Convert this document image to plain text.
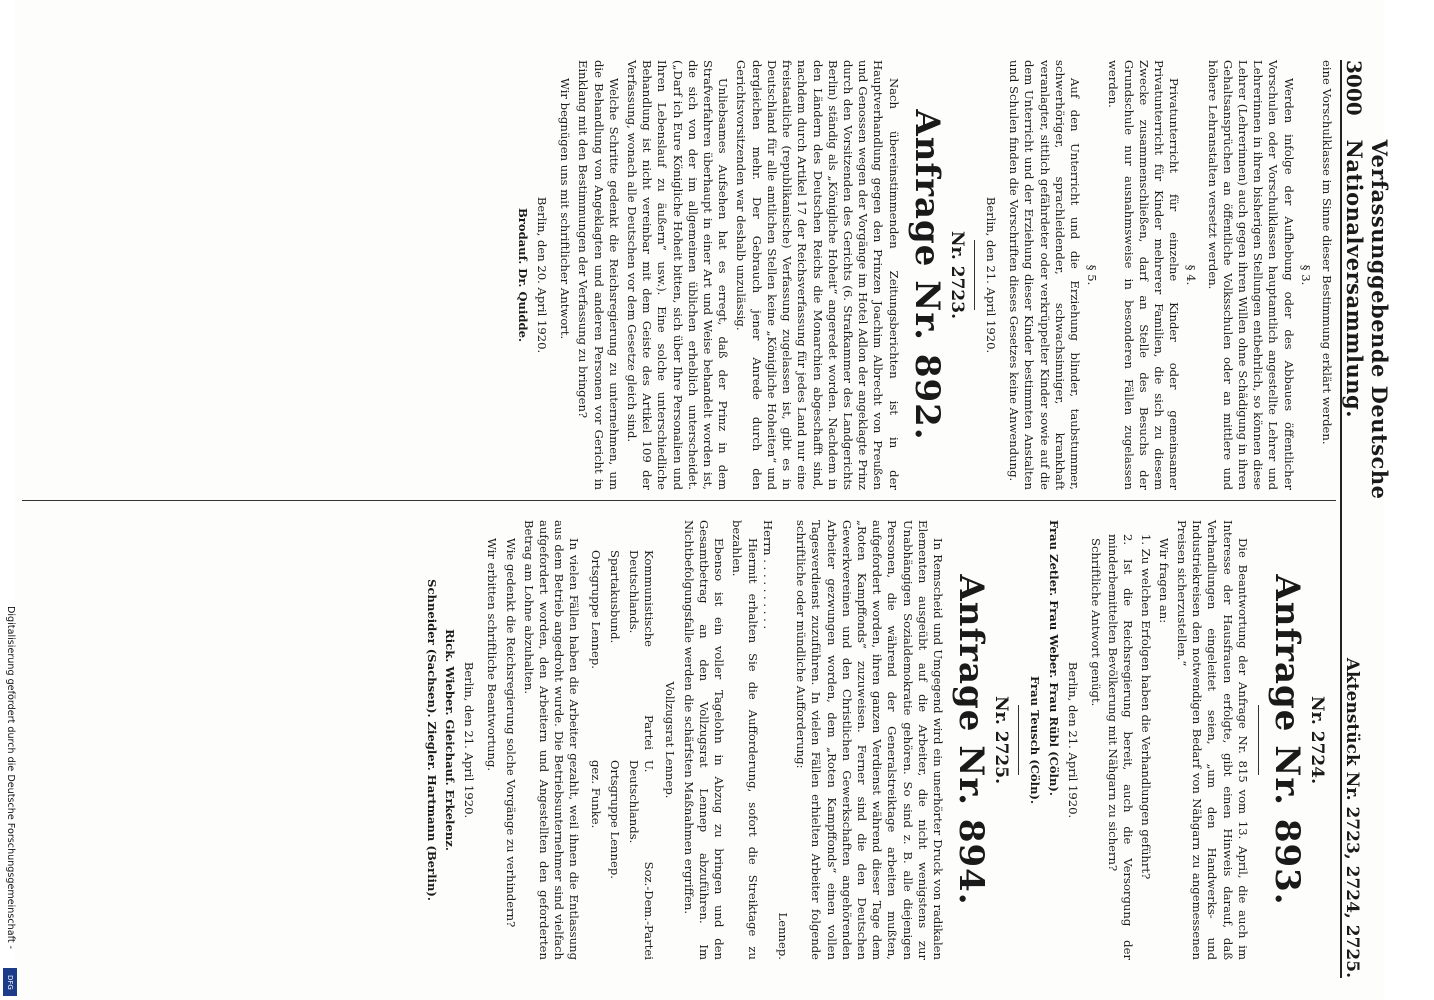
3000
Verfassunggebende Deutsche Nationalversammlung.
Aktenstück Nr. 2723, 2724, 2725.

eine Vorschulklasse im Sinne dieser Bestimmung erklärt werden.

§ 3.

Werden infolge der Aufhebung oder des Abbaues öffentlicher Vorschulen oder Vorschulklassen hauptamtlich angestellte Lehrer und Lehrerinnen in ihren bisherigen Stellungen entbehrlich, so können diese Lehrer (Lehrerinnen) auch gegen ihren Willen ohne Schädigung in ihren Gehaltsansprüchen an öffentliche Volksschulen oder an mittlere und höhere Lehranstalten versetzt werden.

§ 4.

Privatunterricht für einzelne Kinder oder gemeinsamer Privatunterricht für Kinder mehrerer Familien, die sich zu diesem Zwecke zusammenschließen, darf an Stelle des Besuchs der Grundschule nur ausnahmsweise in besonderen Fällen zugelassen werden.

§ 5.

Auf den Unterricht und die Erziehung blinder, taubstummer, schwerhöriger, sprachleidender, schwachsinniger, krankhaft veranlagter, sittlich gefährdeter oder verkrüppelter Kinder sowie auf die dem Unterricht und der Erziehung dieser Kinder bestimmten Anstalten und Schulen finden die Vorschriften dieses Gesetzes keine Anwendung.

Berlin, den 21. April 1920.
Nr. 2723.
Anfrage Nr. 892.

Nach übereinstimmenden Zeitungsberichten ist in der Hauptverhandlung gegen den Prinzen Joachim Albrecht von Preußen und Genossen wegen der Vorgänge im Hotel Adlon der angeklagte Prinz durch den Vorsitzenden des Gerichts (6. Strafkammer des Landgerichts Berlin) ständig als „Königliche Hoheit“ angeredet worden. Nachdem in den Ländern des Deutschen Reichs die Monarchien abgeschafft sind, nachdem durch Artikel 17 der Reichsverfassung für jedes Land nur eine freistaatliche (republikanische) Verfassung zugelassen ist, gibt es in Deutschland für alle amtlichen Stellen keine „Königliche Hoheiten“ und dergleichen mehr. Der Gebrauch jener Anrede durch den Gerichtsvorsitzenden war deshalb unzulässig.

Unliebsames Aufsehen hat es erregt, daß der Prinz in dem Strafverfahren überhaupt in einer Art und Weise behandelt worden ist, die sich von der im allgemeinen üblichen erheblich unterscheidet. („Darf ich Eure Königliche Hoheit bitten, sich über Ihre Personalien und Ihren Lebenslauf zu äußern“ usw.). Eine solche unterschiedliche Behandlung ist nicht vereinbar mit dem Geiste des Artikel 109 der Verfassung, wonach alle Deutschen vor dem Gesetze gleich sind.

Welche Schritte gedenkt die Reichsregierung zu unternehmen, um die Behandlung von Angeklagten und anderen Personen vor Gericht in Einklang mit den Bestimmungen der Verfassung zu bringen?

Wir begnügen uns mit schriftlicher Antwort.

Berlin, den 20. April 1920.
Brodauf. Dr. Quidde.
Nr. 2724.
Anfrage Nr. 893.

Die Beantwortung der Anfrage Nr. 815 vom 13. April, die auch im Interesse der Hausfrauen erfolgte, gibt einen Hinweis darauf, daß Verhandlungen eingeleitet seien, „um den Handwerks- und Industriekreisen den notwendigen Bedarf von Nähgarn zu angemessenen Preisen sicherzustellen.“

Wir fragen an:

1. Zu welchen Erfolgen haben die Verhandlungen geführt?
2. Ist die Reichsregierung bereit, auch die Versorgung der minderbemittelten Bevölkerung mit Nähgarn zu sichern?

Schriftliche Antwort genügt.

Berlin, den 21. April 1920.
Frau Zetler. Frau Weber. Frau Rübl (Cöln).
Frau Teusch (Cöln).
Nr. 2725.
Anfrage Nr. 894.

In Remscheid und Umgegend wird ein unerhörter Druck von radikalen Elementen ausgeübt auf die Arbeiter, die nicht wenigstens zur Unabhängigen Sozialdemokratie gehören. So sind z. B. alle diejenigen Personen, die während der Generalstreiktage arbeiten mußten, aufgefordert worden, ihren ganzen Verdienst während dieser Tage dem „Roten Kampffonds“ zuzuweisen. Ferner sind die den Deutschen Gewerkvereinen und den Christlichen Gewerkschaften angehörenden Arbeiter gezwungen worden, dem „Roten Kampffonds“ einen vollen Tagesverdienst zuzuführen. In vielen Fällen erhielten Arbeiter folgende schriftliche oder mündliche Aufforderung:

Lennep.
Herrn . . . . . . . . . .

Hiermit erhalten Sie die Aufforderung, sofort die Streiktage zu bezahlen.

Ebenso ist ein voller Tagelohn in Abzug zu bringen und den Gesamtbetrag an den Vollzugsrat Lennep abzuführen. Im Nichtbefolgungsfalle werden die schärfsten Maßnahmen ergriffen.

Vollzugsrat Lennep.
Kommunistische Partei Deutschlands.
U. Soz.-Dem.-Partei Deutschlands.
Spartakusbund.
Ortsgruppe Lennep.
Ortsgruppe Lennep.
gez. Funke.

In vielen Fällen haben die Arbeiter gezahlt, weil ihnen die Entlassung aus dem Betrieb angedroht wurde. Die Betriebsunternehmer sind vielfach aufgefordert worden, den Arbeitern und Angestellten den geforderten Betrag am Lohne abzuhalten.

Wie gedenkt die Reichsregierung solche Vorgänge zu verhindern?

Wir erbitten schriftliche Beantwortung.

Berlin, den 21. April 1920.
Rick. Wieber. Gleichauf. Erkelenz.
Schneider (Sachsen). Ziegler. Hartmann (Berlin).
Digitalisierung gefördert durch die Deutsche Forschungsgemeinschaft -
DFG
